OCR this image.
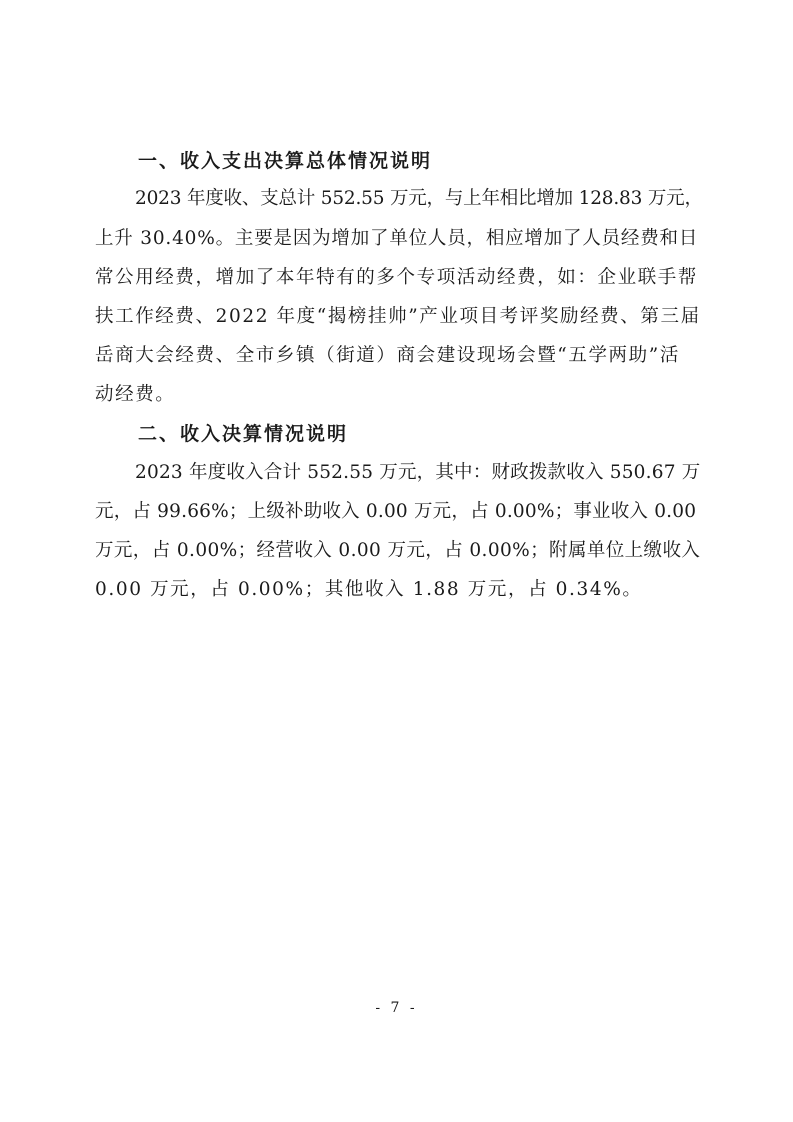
一、收入支出决算总体情况说明
2023 年度收、支总计 552.55 万元，与上年相比增加 128.83 万元，
上升 30.40%。主要是因为增加了单位人员，相应增加了人员经费和日
常公用经费，增加了本年特有的多个专项活动经费，如：企业联手帮
扶工作经费、2022 年度“揭榜挂帅”产业项目考评奖励经费、第三届
岳商大会经费、全市乡镇（街道）商会建设现场会暨“五学两助”活
动经费。
二、收入决算情况说明
2023 年度收入合计 552.55 万元，其中：财政拨款收入 550.67 万
元，占 99.66%；上级补助收入 0.00 万元，占 0.00%；事业收入 0.00
万元，占 0.00%；经营收入 0.00 万元，占 0.00%；附属单位上缴收入
0.00 万元，占 0.00%；其他收入 1.88 万元，占 0.34%。
- 7 -
